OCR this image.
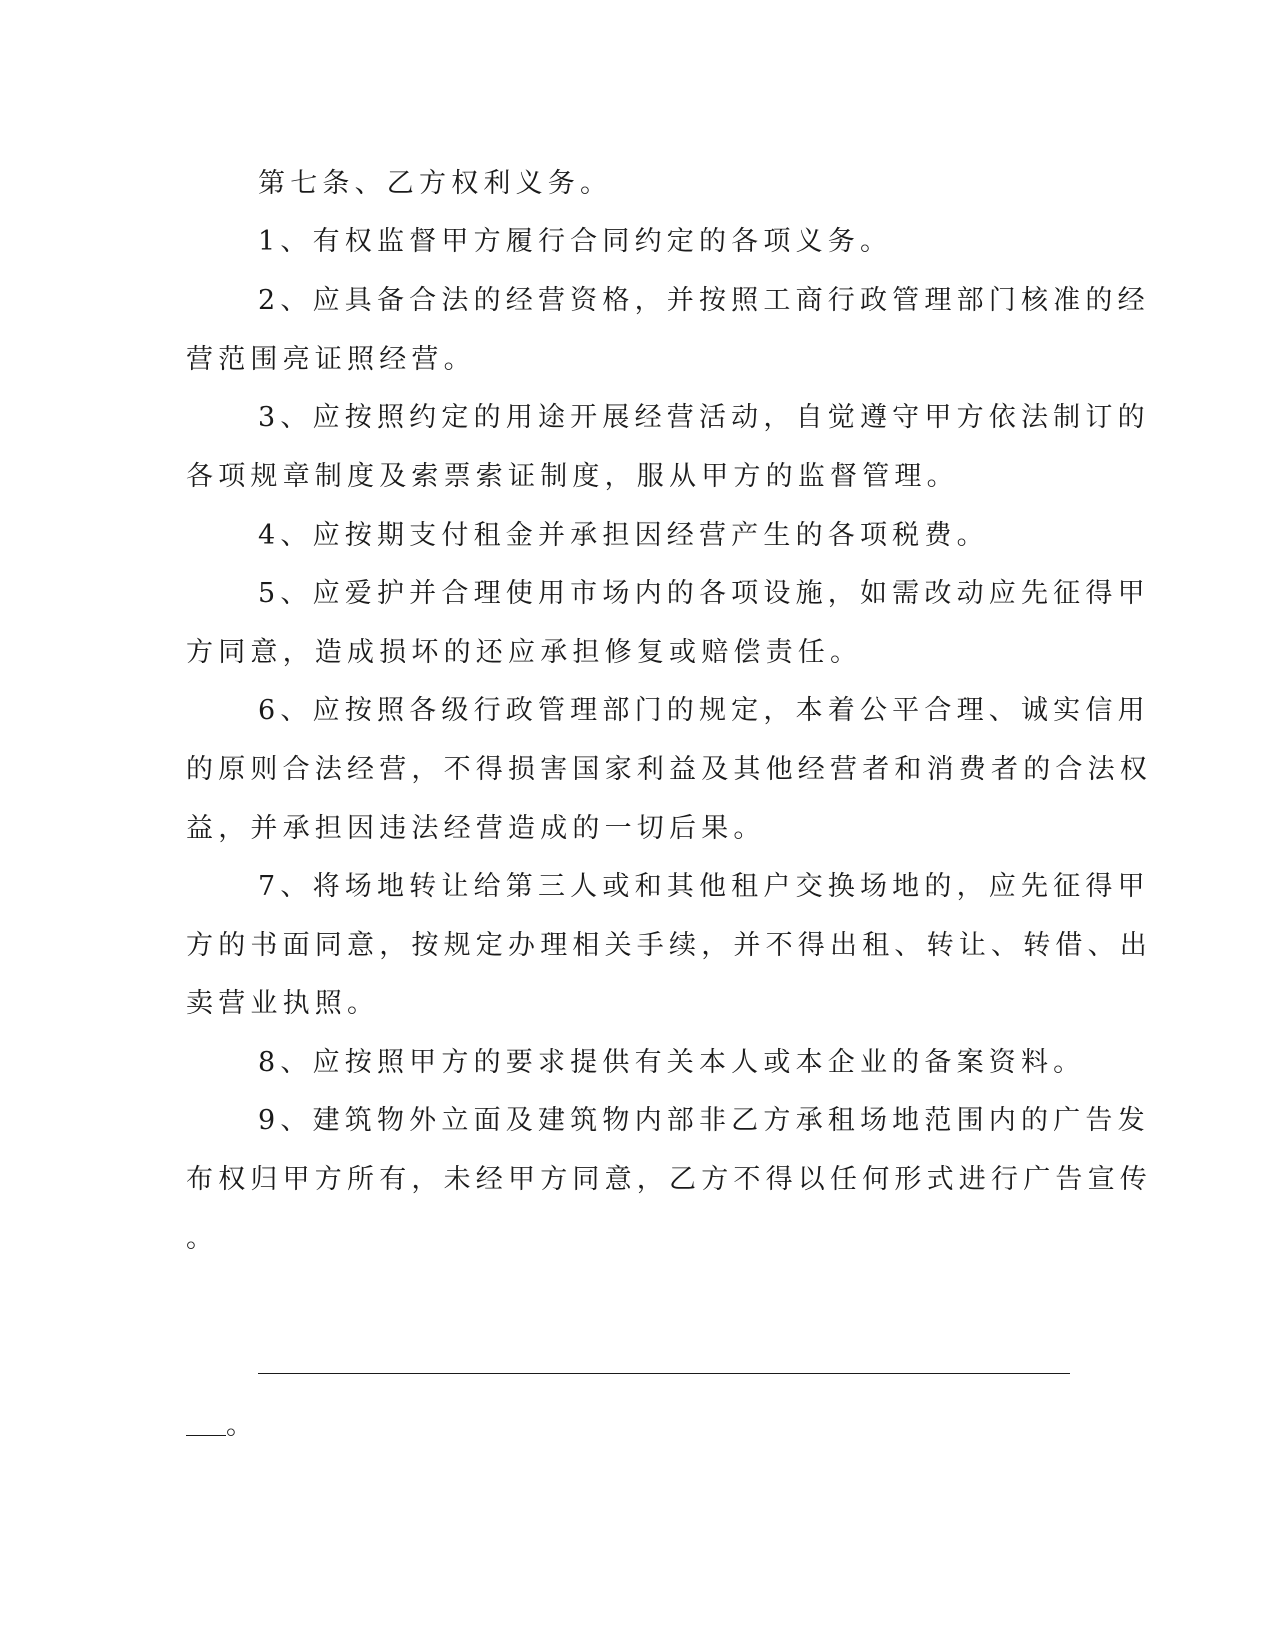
第七条、乙方权利义务。
1、有权监督甲方履行合同约定的各项义务。
2、应具备合法的经营资格，并按照工商行政管理部门核准的经
营范围亮证照经营。
3、应按照约定的用途开展经营活动，自觉遵守甲方依法制订的
各项规章制度及索票索证制度，服从甲方的监督管理。
4、应按期支付租金并承担因经营产生的各项税费。
5、应爱护并合理使用市场内的各项设施，如需改动应先征得甲
方同意，造成损坏的还应承担修复或赔偿责任。
6、应按照各级行政管理部门的规定，本着公平合理、诚实信用
的原则合法经营，不得损害国家利益及其他经营者和消费者的合法权
益，并承担因违法经营造成的一切后果。
7、将场地转让给第三人或和其他租户交换场地的，应先征得甲
方的书面同意，按规定办理相关手续，并不得出租、转让、转借、出
卖营业执照。
8、应按照甲方的要求提供有关本人或本企业的备案资料。
9、建筑物外立面及建筑物内部非乙方承租场地范围内的广告发
布权归甲方所有，未经甲方同意，乙方不得以任何形式进行广告宣传
。
。
